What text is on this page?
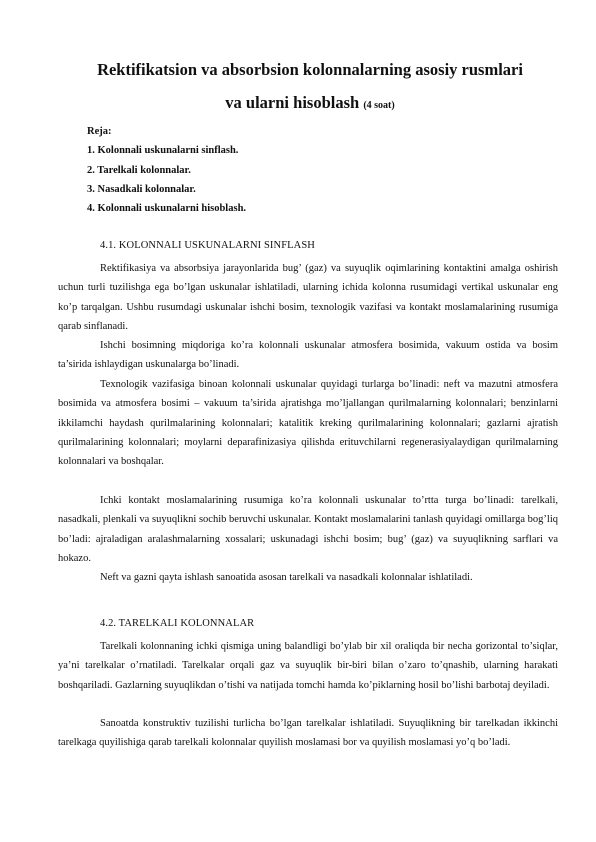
Rektifikatsion va absorbsion kolonnalarning asosiy rusmlari
va ularni hisoblash (4 soat)
Reja:
1. Kolonnali uskunalarni sinflash.
2. Tarelkali kolonnalar.
3. Nasadkali kolonnalar.
4. Kolonnali uskunalarni hisoblash.
4.1. KOLONNALI USKUNALARNI SINFLASH

Rektifikasiya va absorbsiya jarayonlarida bug’ (gaz) va suyuqlik oqimlarining kontaktini amalga oshirish uchun turli tuzilishga ega bo’lgan uskunalar ishlatiladi, ularning ichida kolonna rusumidagi vertikal uskunalar eng ko’p tarqalgan. Ushbu rusumdagi uskunalar ishchi bosim, texnologik vazifasi va kontakt moslamalarining rusumiga qarab sinflanadi.

Ishchi bosimning miqdoriga ko’ra kolonnali uskunalar atmosfera bosimida, vakuum ostida va bosim ta’sirida ishlaydigan uskunalarga bo’linadi.

Texnologik vazifasiga binoan kolonnali uskunalar quyidagi turlarga bo’linadi: neft va mazutni atmosfera bosimida va atmosfera bosimi – vakuum ta’sirida ajratishga mo’ljallangan qurilmalarning kolonnalari; benzinlarni ikkilamchi haydash qurilmalarining kolonnalari; katalitik kreking qurilmalarining kolonnalari; gazlarni ajratish qurilmalarining kolonnalari; moylarni deparafinizasiya qilishda erituvchilarni regenerasiyalaydigan qurilmalarning kolonnalari va boshqalar.

Ichki kontakt moslamalarining rusumiga ko’ra kolonnali uskunalar to’rtta turga bo’linadi: tarelkali, nasadkali, plenkali va suyuqlikni sochib beruvchi uskunalar. Kontakt moslamalarini tanlash quyidagi omillarga bog’liq bo’ladi: ajraladigan aralashmalarning xossalari; uskunadagi ishchi bosim; bug’ (gaz) va suyuqlikning sarflari va hokazo.

Neft va gazni qayta ishlash sanoatida asosan tarelkali va nasadkali kolonnalar ishlatiladi.

4.2. TARELKALI KOLONNALAR

Tarelkali kolonnaning ichki qismiga uning balandligi bo’ylab bir xil oraliqda bir necha gorizontal to’siqlar, ya’ni tarelkalar o’rnatiladi. Tarelkalar orqali gaz va suyuqlik bir-biri bilan o’zaro to’qnashib, ularning harakati boshqariladi. Gazlarning suyuqlikdan o’tishi va natijada tomchi hamda ko’piklarning hosil bo’lishi barbotaj deyiladi.

Sanoatda konstruktiv tuzilishi turlicha bo’lgan tarelkalar ishlatiladi. Suyuqlikning bir tarelkadan ikkinchi tarelkaga quyilishiga qarab tarelkali kolonnalar quyilish moslamasi bor va quyilish moslamasi yo’q bo’ladi.
